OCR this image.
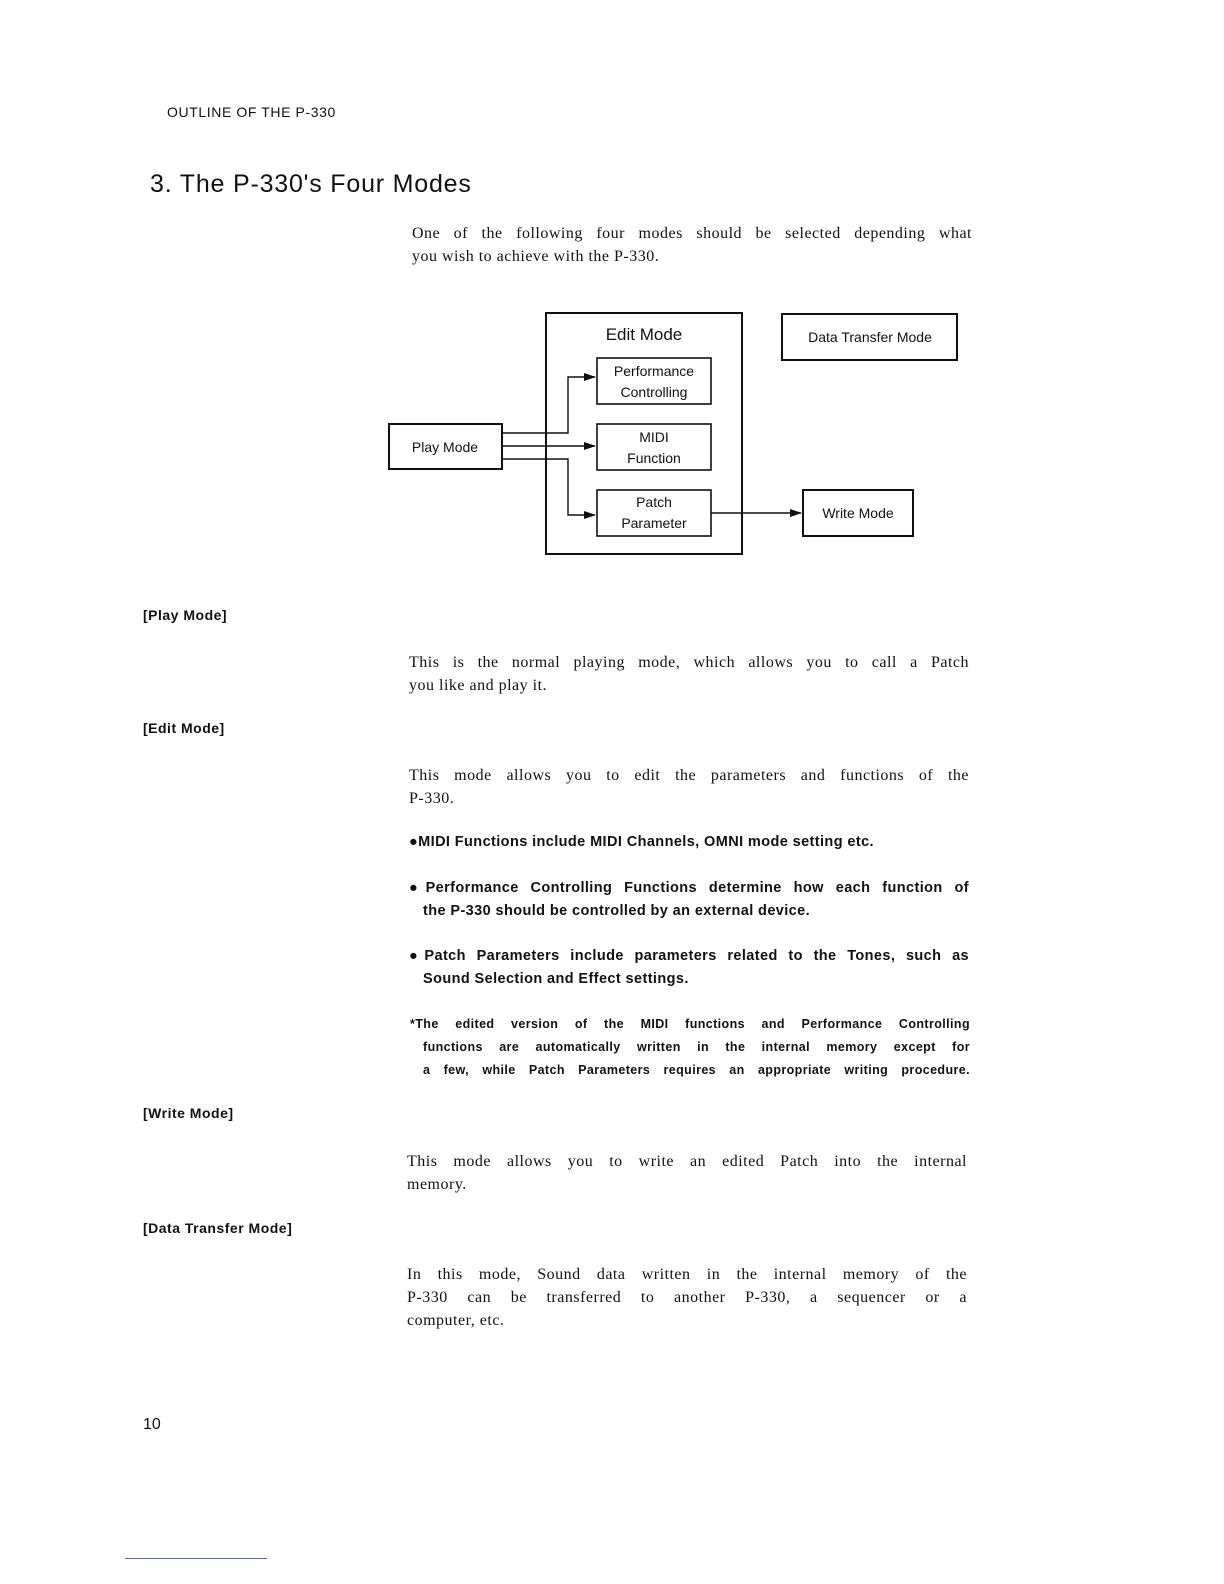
OUTLINE OF THE P-330
3. The P-330's Four Modes
One of the following four modes should be selected depending what
you wish to achieve with the P-330.
Edit Mode
Performance
Controlling
MIDI
Function
Patch
Parameter
Play Mode
Data Transfer Mode
Write Mode
[Play Mode]
This is the normal playing mode, which allows you to call a Patch
you like and play it.
[Edit Mode]
This mode allows you to edit the parameters and functions of the
P-330.
●MIDI Functions include MIDI Channels, OMNI mode setting etc.
●Performance Controlling Functions determine how each function of
the P-330 should be controlled by an external device.
●Patch Parameters include parameters related to the Tones, such as
Sound Selection and Effect settings.
*The edited version of the MIDI functions and Performance Controlling
functions are automatically written in the internal memory except for
a few, while Patch Parameters requires an appropriate writing procedure.
[Write Mode]
This mode allows you to write an edited Patch into the internal
memory.
[Data Transfer Mode]
In this mode, Sound data written in the internal memory of the
P-330 can be transferred to another P-330, a sequencer or a
computer, etc.
10
